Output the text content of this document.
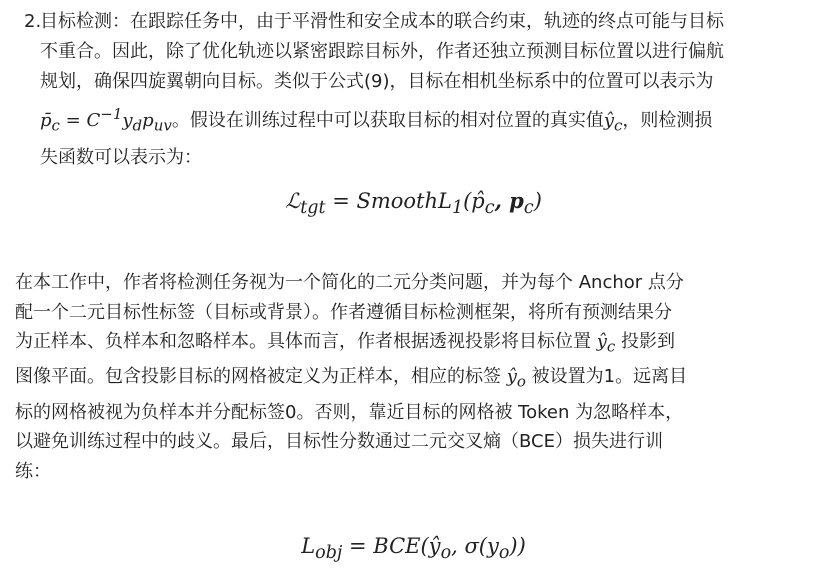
2.
目标检测：在跟踪任务中，由于平滑性和安全成本的联合约束，轨迹的终点可能与目标
不重合。因此，除了优化轨迹以紧密跟踪目标外，作者还独立预测目标位置以进行偏航
规划，确保四旋翼朝向目标。类似于公式(9)，目标在相机坐标系中的位置可以表示为
$p̄_c = C^{-1}y_dp_{uv}$。假设在训练过程中可以获取目标的相对位置的真实值$ŷ_c$，则检测损
失函数可以表示为：
ℒ$_{tgt}$ = $SmoothL_1(p̂_c$, $p_c$)
在本工作中，作者将检测任务视为一个简化的二元分类问题，并为每个 Anchor 点分
配一个二元目标性标签（目标或背景）。作者遵循目标检测框架，将所有预测结果分
为正样本、负样本和忽略样本。具体而言，作者根据透视投影将目标位置 $ŷ_c$ 投影到
图像平面。包含投影目标的网格被定义为正样本，相应的标签 $ŷ_o$ 被设置为1。远离目
标的网格被视为负样本并分配标签0。否则，靠近目标的网格被 Token 为忽略样本，
以避免训练过程中的歧义。最后，目标性分数通过二元交叉熵（BCE）损失进行训
练：
$L_{obj}$ = $BCE(ŷ_o$, $\sigma(y_o)$)
